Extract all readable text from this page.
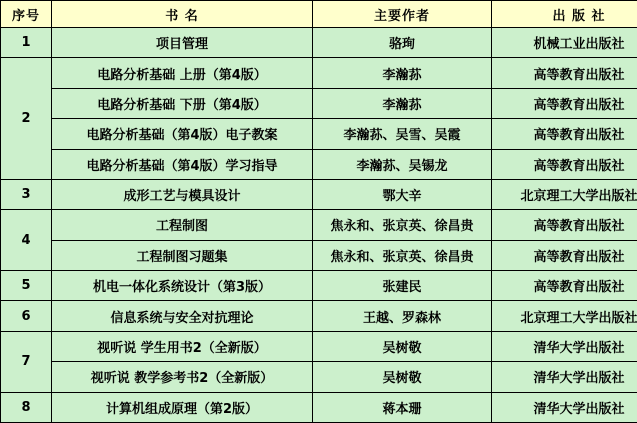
序号	书 名	主要作者	出 版 社
1	项目管理	骆珣	机械工业出版社
2	电路分析基础 上册（第4版）	李瀚荪	高等教育出版社
	电路分析基础 下册（第4版）	李瀚荪	高等教育出版社
	电路分析基础（第4版）电子教案	李瀚荪、吴雪、吴霞	高等教育出版社
	电路分析基础（第4版）学习指导	李瀚荪、吴锡龙	高等教育出版社
3	成形工艺与模具设计	鄂大辛	北京理工大学出版社
4	工程制图	焦永和、张京英、徐昌贵	高等教育出版社
	工程制图习题集	焦永和、张京英、徐昌贵	高等教育出版社
5	机电一体化系统设计（第3版）	张建民	高等教育出版社
6	信息系统与安全对抗理论	王越、罗森林	北京理工大学出版社
7	视听说 学生用书2（全新版）	吴树敬	清华大学出版社
	视听说 教学参考书2（全新版）	吴树敬	清华大学出版社
8	计算机组成原理（第2版）	蒋本珊	清华大学出版社
